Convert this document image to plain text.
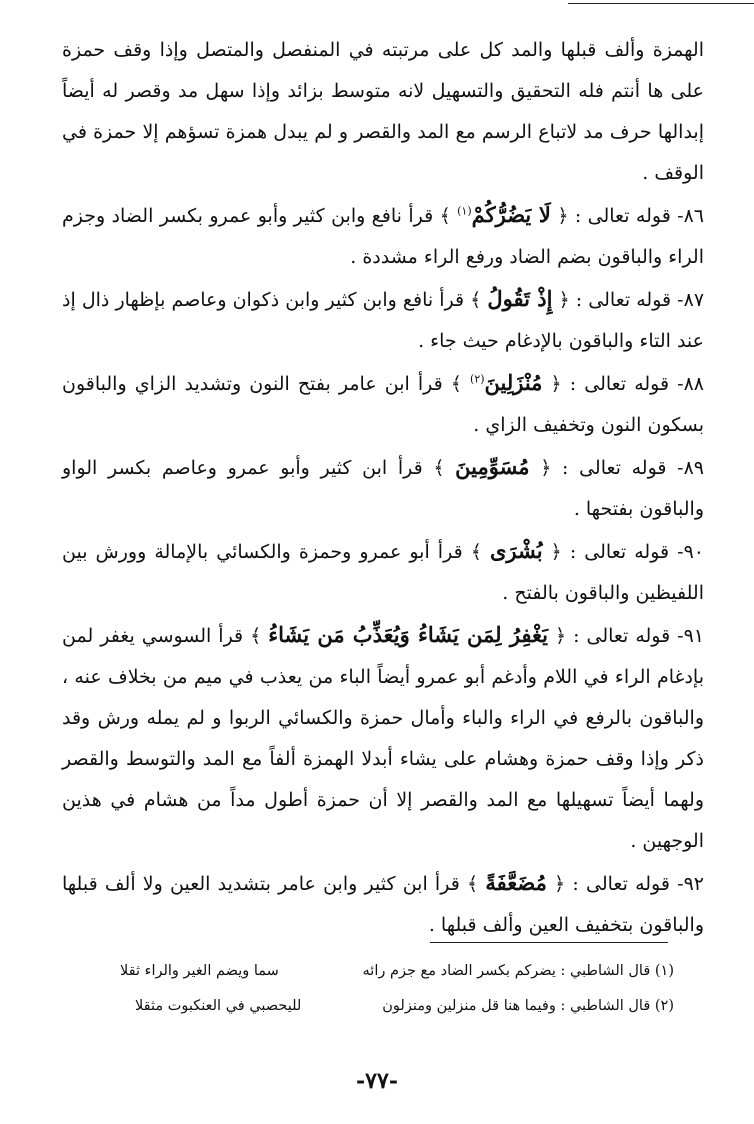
الهمزة وألف قبلها والمد كل على مرتبته في المنفصل والمتصل وإذا وقف حمزة على ها أنتم فله التحقيق والتسهيل لانه متوسط بزائد وإذا سهل مد وقصر له أيضاً إبدالها حرف مد لاتباع الرسم مع المد والقصر و لم يبدل همزة تسؤهم إلا حمزة في الوقف .

٨٦- قوله تعالى : ﴿ لَا يَضُرُّكُمْ$^{(١)}$ ﴾ قرأ نافع وابن كثير وأبو عمرو بكسر الضاد وجزم الراء والباقون بضم الضاد ورفع الراء مشددة .

٨٧- قوله تعالى : ﴿ إِذْ تَقُولُ ﴾ قرأ نافع وابن كثير وابن ذكوان وعاصم بإظهار ذال إذ عند التاء والباقون بالإدغام حيث جاء .

٨٨- قوله تعالى : ﴿ مُنْزَلِينَ$^{(٢)}$ ﴾ قرأ ابن عامر بفتح النون وتشديد الزاي والباقون بسكون النون وتخفيف الزاي .

٨٩- قوله تعالى : ﴿ مُسَوِّمِينَ ﴾ قرأ ابن كثير وأبو عمرو وعاصم بكسر الواو والباقون بفتحها .

٩٠- قوله تعالى : ﴿ بُشْرَى ﴾ قرأ أبو عمرو وحمزة والكسائي بالإمالة وورش بين اللفيظين والباقون بالفتح .

٩١- قوله تعالى : ﴿ يَغْفِرُ لِمَن يَشَاءُ وَيُعَذِّبُ مَن يَشَاءُ ﴾ قرأ السوسي يغفر لمن بإدغام الراء في اللام وأدغم أبو عمرو أيضاً الباء من يعذب في ميم من بخلاف عنه ، والباقون بالرفع في الراء والباء وأمال حمزة والكسائي الربوا و لم يمله ورش وقد ذكر وإذا وقف حمزة وهشام على يشاء أبدلا الهمزة ألفاً مع المد والتوسط والقصر ولهما أيضاً تسهيلها مع المد والقصر إلا أن حمزة أطول مداً من هشام في هذين الوجهين .

٩٢- قوله تعالى : ﴿ مُضَعَّفَةً ﴾ قرأ ابن كثير وابن عامر بتشديد العين ولا ألف قبلها والباقون بتخفيف العين وألف قبلها .

(١) قال الشاطبي : يضركم بكسر الضاد مع جزم رائه
سما ويضم الغير والراء ثقلا
(٢) قال الشاطبي : وفيما هنا قل منزلين ومنزلون
لليحصبي في العنكبوت مثقلا
-٧٧-
